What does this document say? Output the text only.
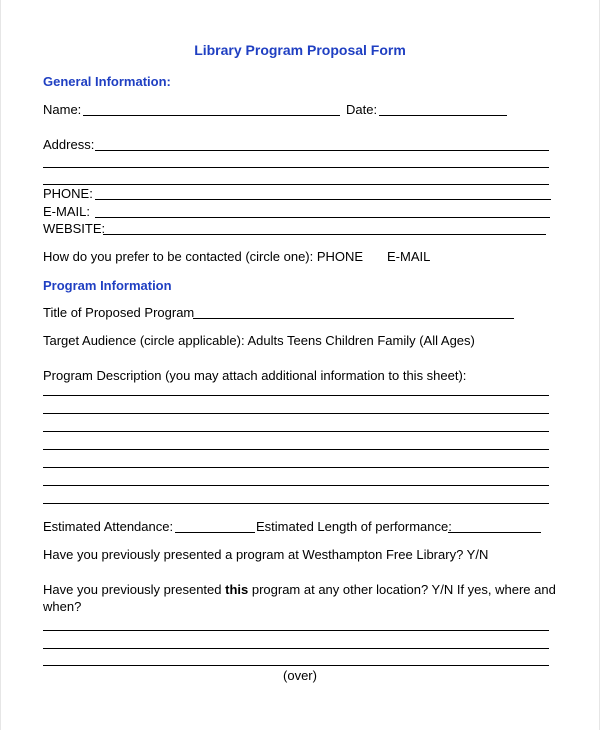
Library Program Proposal Form
General Information:
Name:	Date:
Address:
PHONE:
E-MAIL:
WEBSITE:
How do you prefer to be contacted (circle one): PHONE E-MAIL
Program Information
Title of Proposed Program
Target Audience (circle applicable): Adults Teens Children Family (All Ages)
Program Description (you may attach additional information to this sheet):
Estimated Attendance:	Estimated Length of performance:
Have you previously presented a program at Westhampton Free Library? Y/N
Have you previously presented this program at any other location? Y/N If yes, where and
when?
(over)
